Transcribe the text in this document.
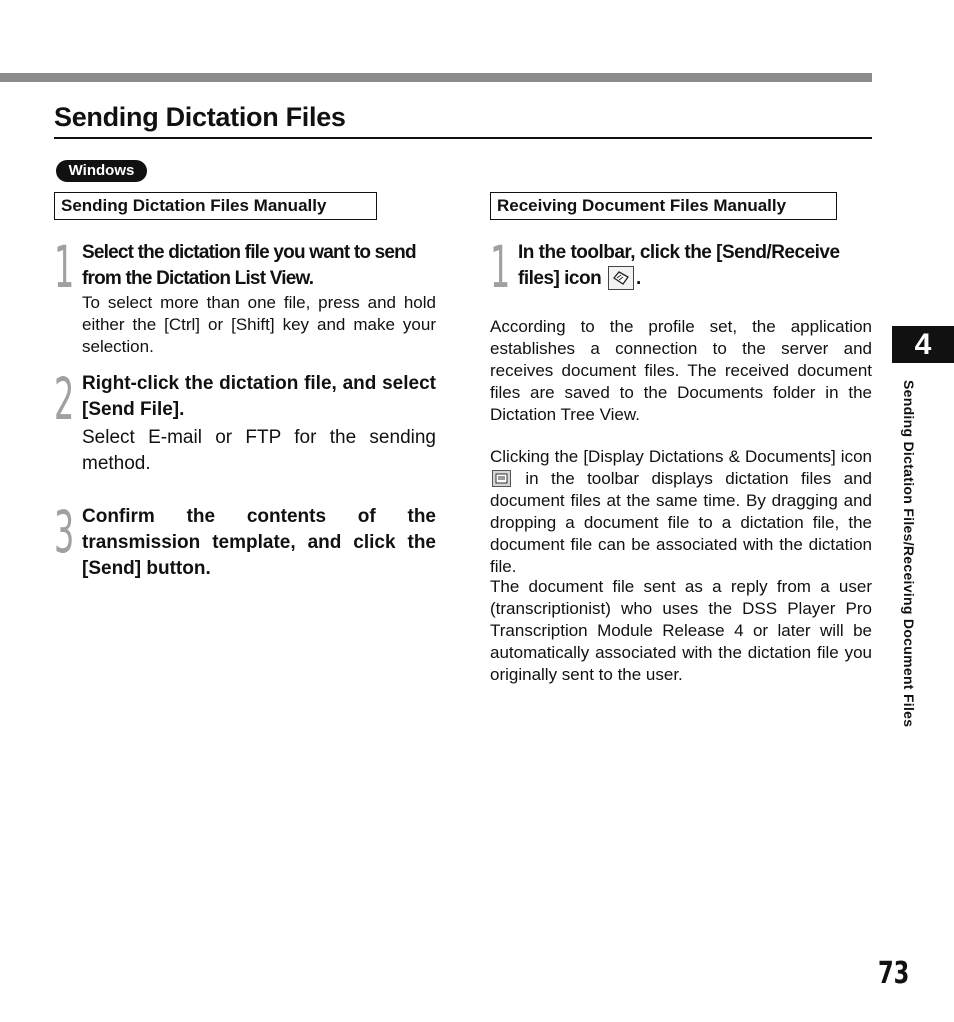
Sending Dictation Files
Windows
Sending Dictation Files Manually
1 Select the dictation file you want to send from the Dictation List View.

To select more than one file, press and hold either the [Ctrl] or [Shift] key and make your selection.

2 Right-click the dictation file, and select [Send File].

Select E-mail or FTP for the sending method.

3 Confirm the contents of the transmission template, and click the [Send] button.

Receiving Document Files Manually
1 In the toolbar, click the [Send/Receive files] icon .

According to the profile set, the application establishes a connection to the server and receives document files. The received document files are saved to the Documents folder in the Dictation Tree View.

Clicking the [Display Dictations & Documents] icon
in the toolbar displays dictation files and document files at the same time. By dragging and dropping a document file to a dictation file, the document file can be associated with the dictation file.

The document file sent as a reply from a user (transcriptionist) who uses the DSS Player Pro Transcription Module Release 4 or later will be automatically associated with the dictation file you originally sent to the user.

4
Sending Dictation Files/Receiving Document Files
73
